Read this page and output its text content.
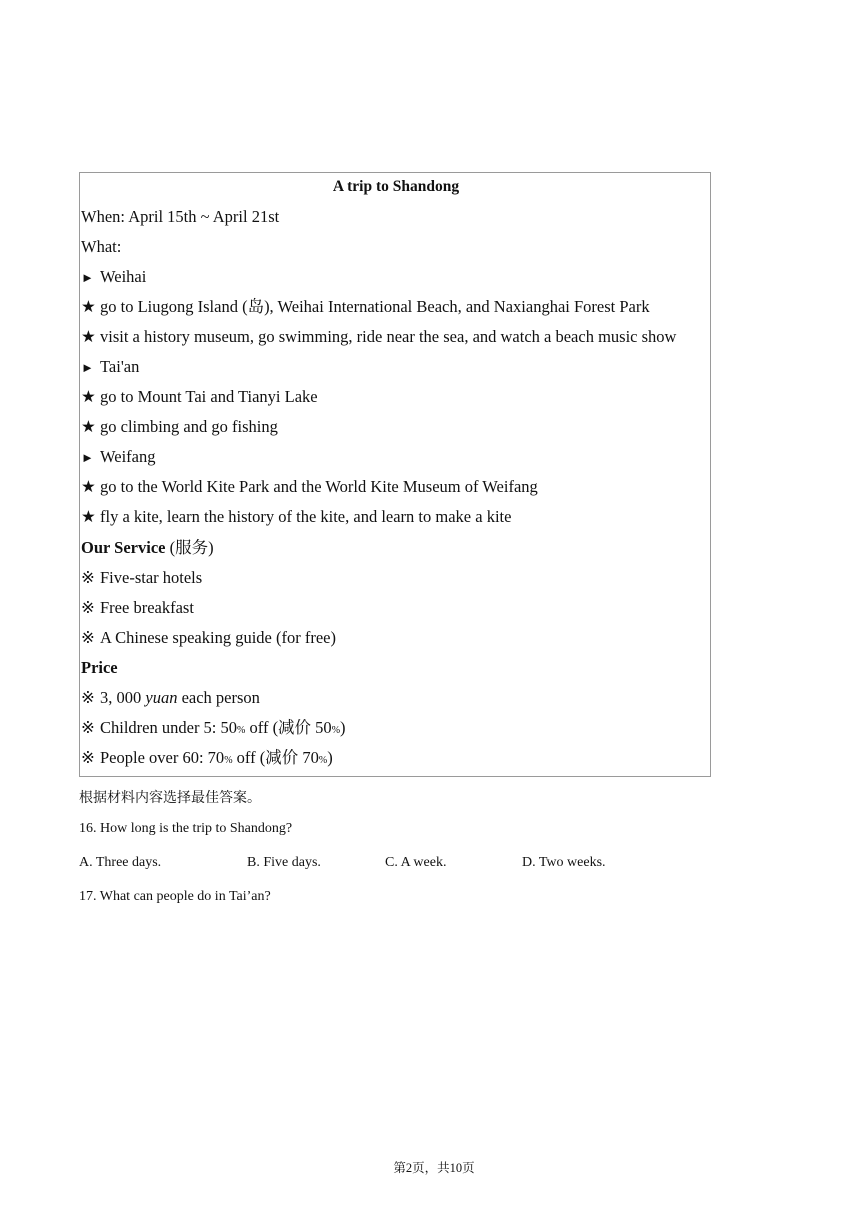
A trip to Shandong
When: April 15th ~ April 21st
What:
► Weihai
★ go to Liugong Island (岛), Weihai International Beach, and Naxianghai Forest Park
★ visit a history museum, go swimming, ride near the sea, and watch a beach music show
► Tai'an
★ go to Mount Tai and Tianyi Lake
★ go climbing and go fishing
► Weifang
★ go to the World Kite Park and the World Kite Museum of Weifang
★ fly a kite, learn the history of the kite, and learn to make a kite
Our Service (服务)
※ Five-star hotels
※ Free breakfast
※ A Chinese speaking guide (for free)
Price
※ 3, 000 yuan each person
※ Children under 5: 50% off (减价 50%)
※ People over 60: 70% off (减价 70%)
根据材料内容选择最佳答案。
16. How long is the trip to Shandong?
A. Three days.	B. Five days.	C. A week.	D. Two weeks.
17. What can people do in Tai’an?
第2页，共10页
